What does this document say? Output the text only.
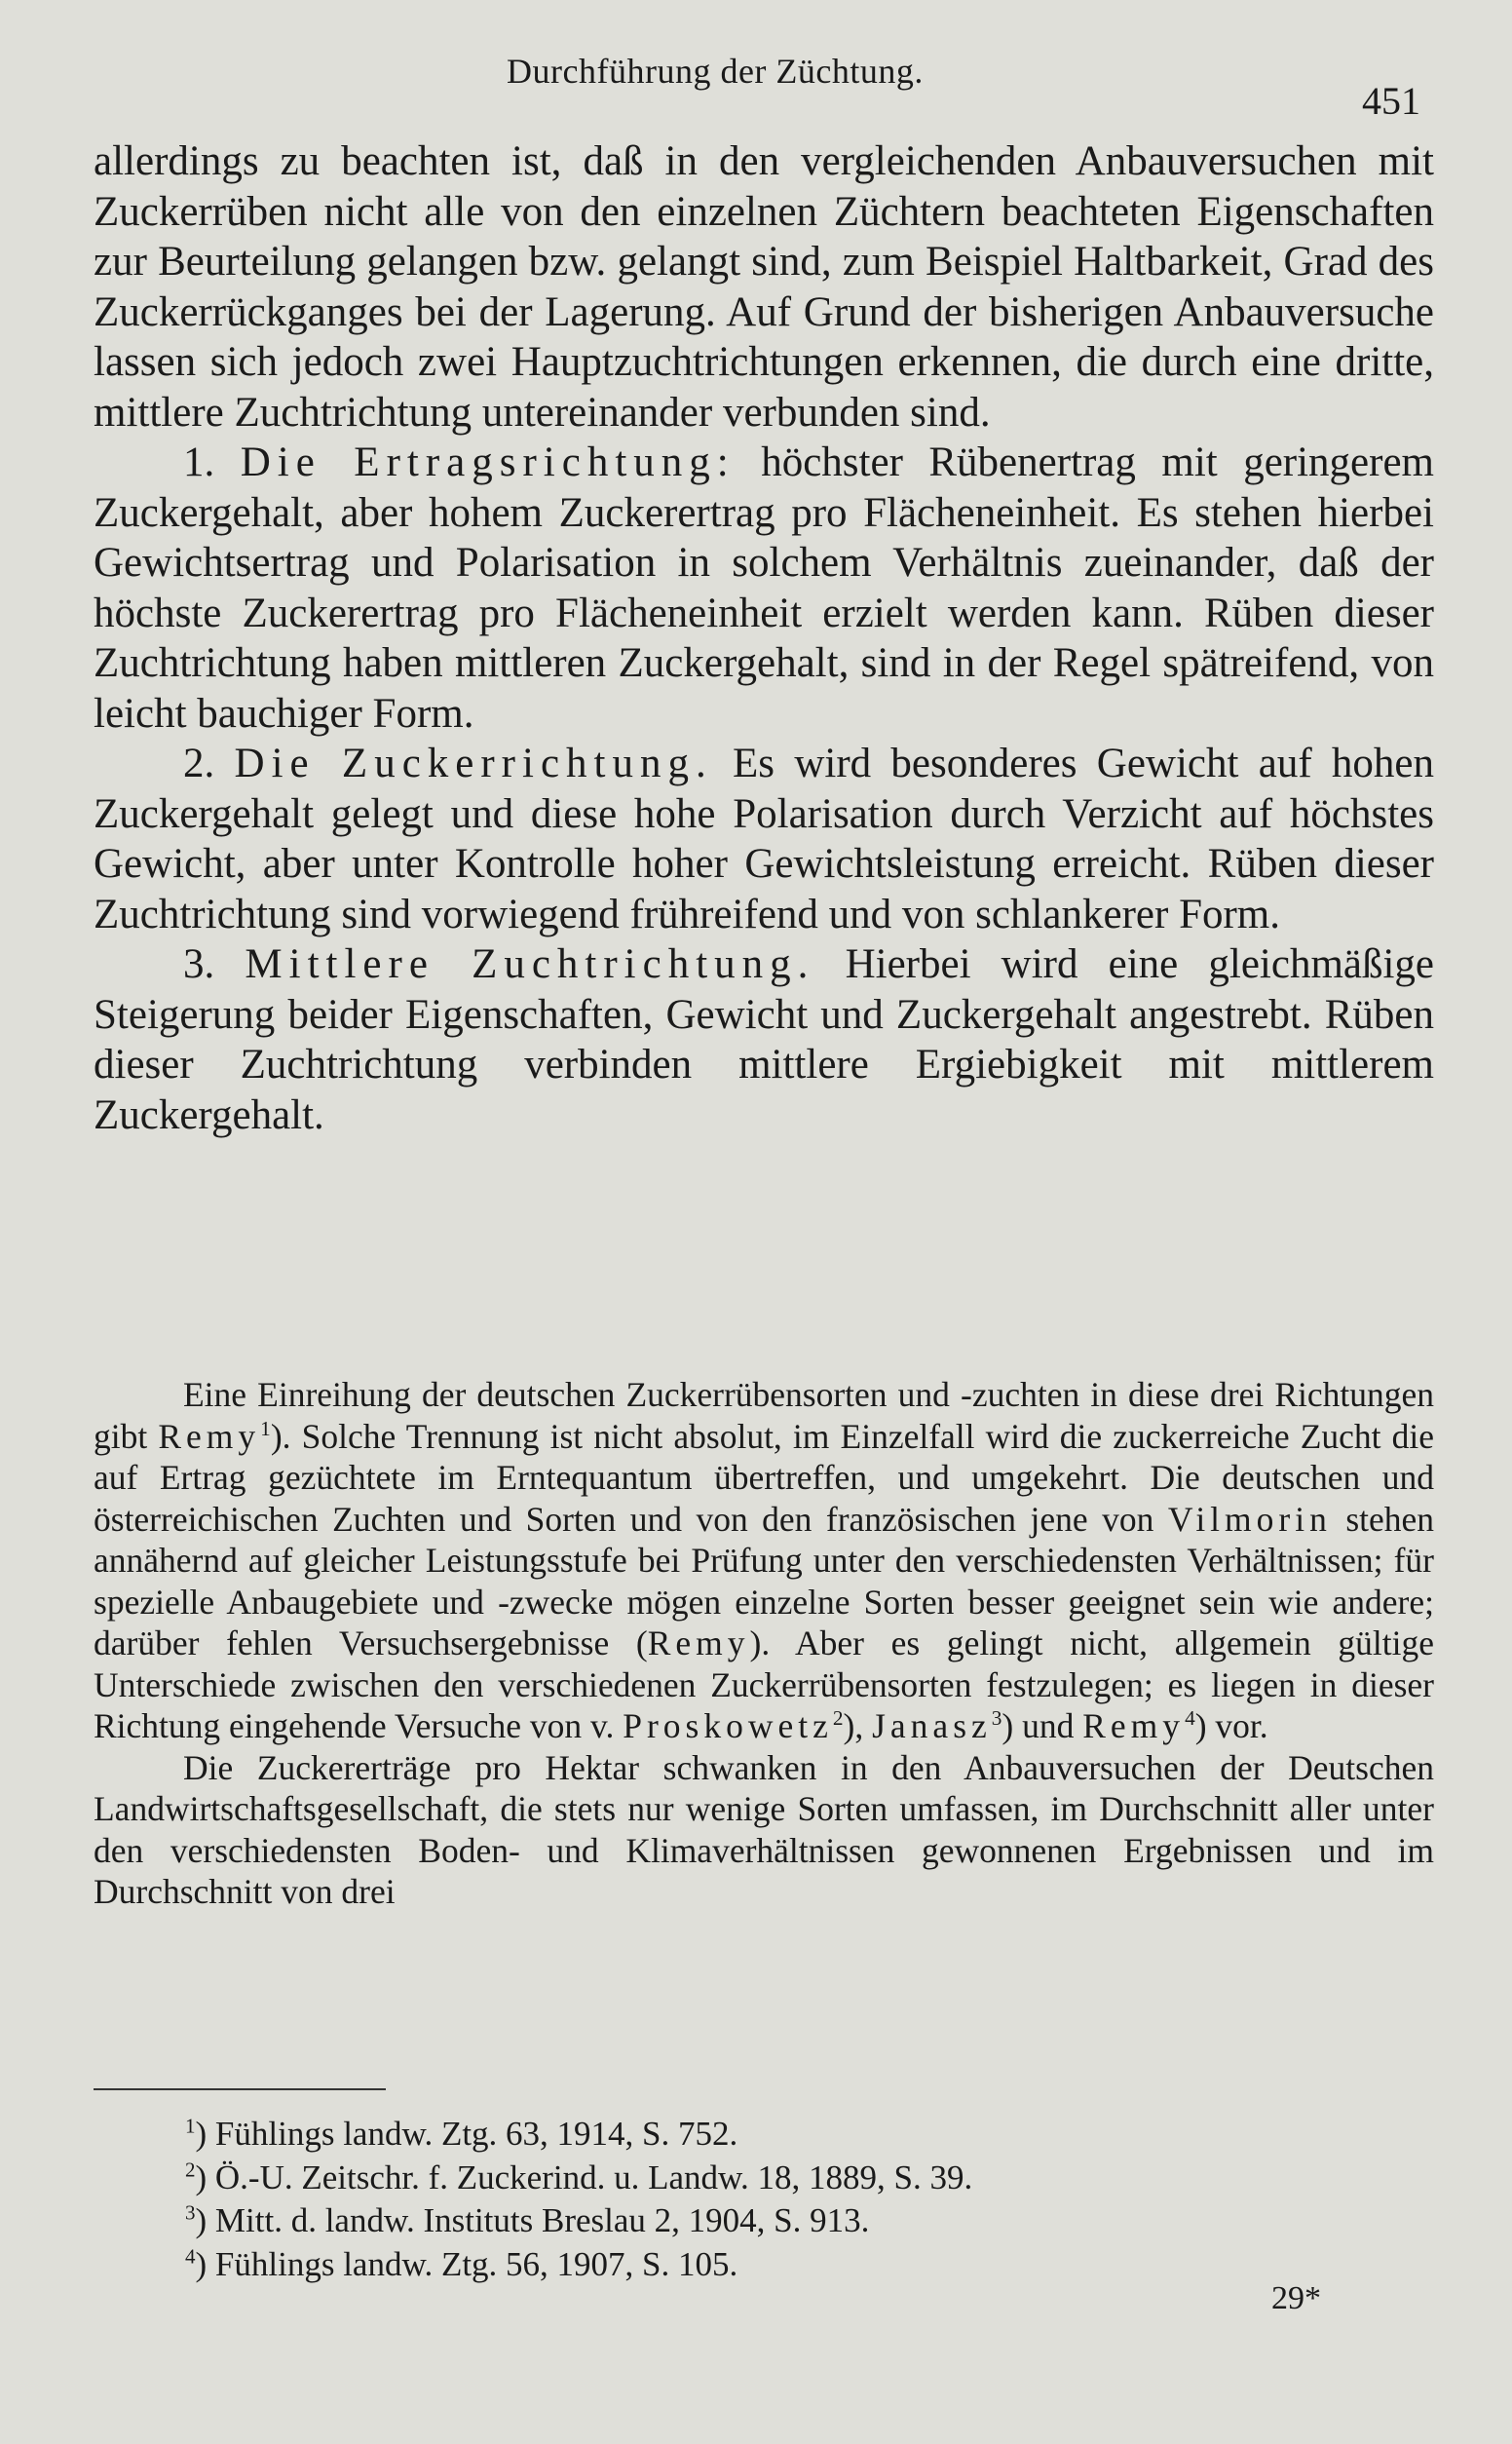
Durchführung der Züchtung.
451

allerdings zu beachten ist, daß in den vergleichenden Anbauversuchen mit Zuckerrüben nicht alle von den einzelnen Züchtern beachteten Eigenschaften zur Beurteilung gelangen bzw. gelangt sind, zum Beispiel Haltbarkeit, Grad des Zuckerrückganges bei der Lagerung. Auf Grund der bisherigen Anbauversuche lassen sich jedoch zwei Hauptzuchtrichtungen erkennen, die durch eine dritte, mittlere Zuchtrichtung untereinander verbunden sind.

1. Die Ertragsrichtung: höchster Rübenertrag mit geringerem Zuckergehalt, aber hohem Zuckerertrag pro Flächeneinheit. Es stehen hierbei Gewichtsertrag und Polarisation in solchem Verhältnis zueinander, daß der höchste Zuckerertrag pro Flächeneinheit erzielt werden kann. Rüben dieser Zuchtrichtung haben mittleren Zuckergehalt, sind in der Regel spätreifend, von leicht bauchiger Form.

2. Die Zuckerrichtung. Es wird besonderes Gewicht auf hohen Zuckergehalt gelegt und diese hohe Polarisation durch Verzicht auf höchstes Gewicht, aber unter Kontrolle hoher Gewichtsleistung erreicht. Rüben dieser Zuchtrichtung sind vorwiegend frühreifend und von schlankerer Form.

3. Mittlere Zuchtrichtung. Hierbei wird eine gleichmäßige Steigerung beider Eigenschaften, Gewicht und Zuckergehalt angestrebt. Rüben dieser Zuchtrichtung verbinden mittlere Ergiebigkeit mit mittlerem Zuckergehalt.

Eine Einreihung der deutschen Zuckerrübensorten und -zuchten in diese drei Richtungen gibt Remy$^1$). Solche Trennung ist nicht absolut, im Einzelfall wird die zuckerreiche Zucht die auf Ertrag gezüchtete im Erntequantum übertreffen, und umgekehrt. Die deutschen und österreichischen Zuchten und Sorten und von den französischen jene von Vilmorin stehen annähernd auf gleicher Leistungsstufe bei Prüfung unter den verschiedensten Verhältnissen; für spezielle Anbaugebiete und -zwecke mögen einzelne Sorten besser geeignet sein wie andere; darüber fehlen Versuchsergebnisse (Remy). Aber es gelingt nicht, allgemein gültige Unterschiede zwischen den verschiedenen Zuckerrübensorten festzulegen; es liegen in dieser Richtung eingehende Versuche von v. Proskowetz$^2$), Janasz$^3$) und Remy$^4$) vor.

Die Zuckererträge pro Hektar schwanken in den Anbauversuchen der Deutschen Landwirtschaftsgesellschaft, die stets nur wenige Sorten umfassen, im Durchschnitt aller unter den verschiedensten Boden- und Klimaverhältnissen gewonnenen Ergebnissen und im Durchschnitt von drei

$^1$) Fühlings landw. Ztg. 63, 1914, S. 752.
$^2$) Ö.-U. Zeitschr. f. Zuckerind. u. Landw. 18, 1889, S. 39.
$^3$) Mitt. d. landw. Instituts Breslau 2, 1904, S. 913.
$^4$) Fühlings landw. Ztg. 56, 1907, S. 105.
29*
